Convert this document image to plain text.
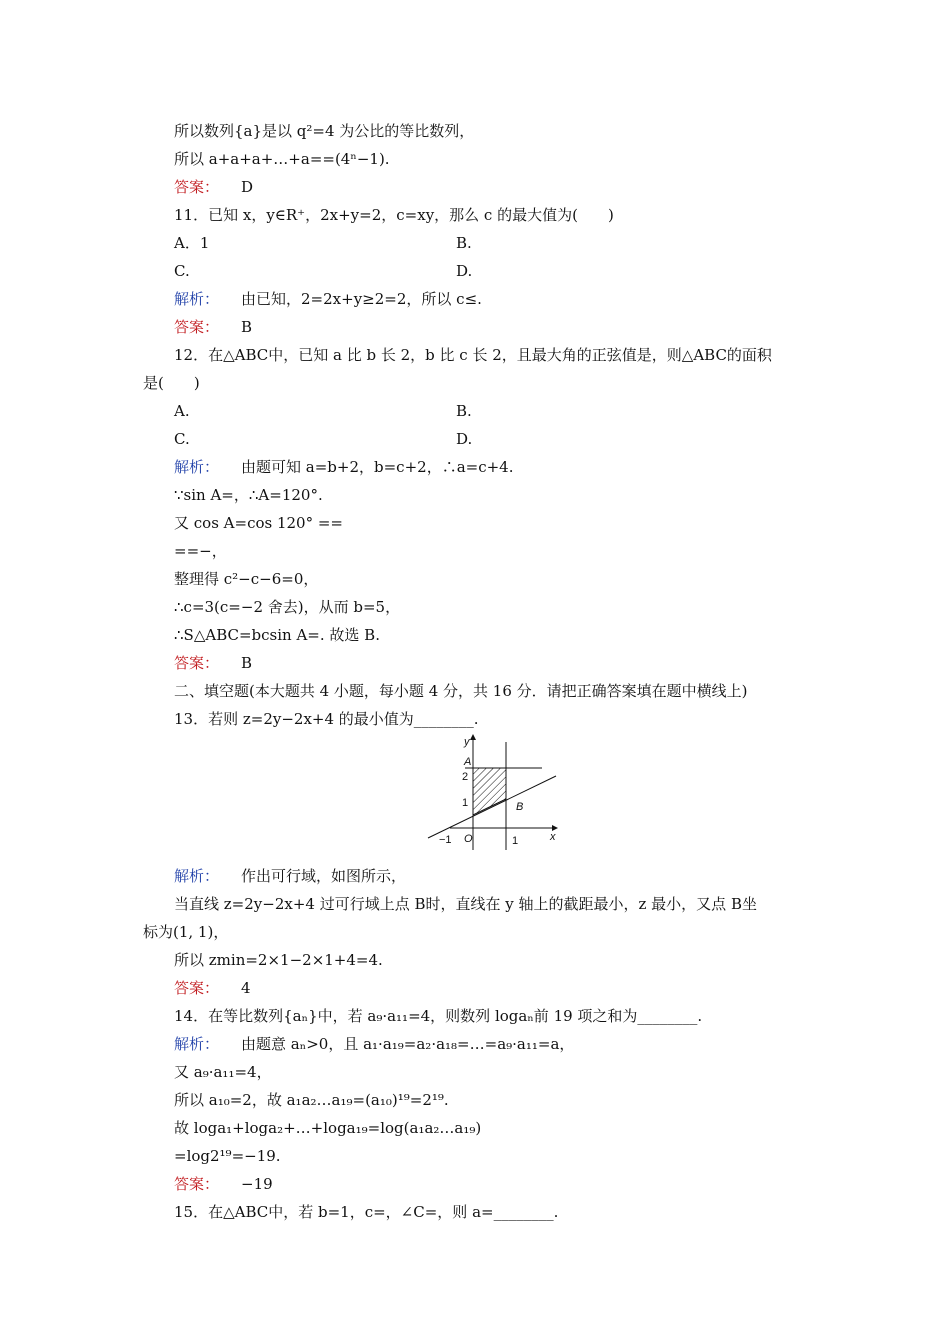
所以数列{a}是以 q²=4 为公比的等比数列，
所以 a+a+a+…+a==(4ⁿ−1).
答案： D
11．已知 x，y∈R⁺，2x+y=2，c=xy，那么 c 的最大值为(　　)
A．1	B.
C.	D.
解析： 由已知，2=2x+y≥2=2，所以 c≤.
答案： B
12．在△ABC中，已知 a 比 b 长 2，b 比 c 长 2，且最大角的正弦值是，则△ABC的面积
是(　　)
A.	B.
C.	D.
解析： 由题可知 a=b+2，b=c+2，∴a=c+4.
∵sin A=，∴A=120°.
又 cos A=cos 120° ==
==−，
整理得 c²−c−6=0，
∴c=3(c=−2 舍去)，从而 b=5，
∴S△ABC=bcsin A=. 故选 B.
答案： B
二、填空题(本大题共 4 小题，每小题 4 分，共 16 分．请把正确答案填在题中横线上)
13．若则 z=2y−2x+4 的最小值为________.
y
x
A
2
1	B
−1 O	1
解析： 作出可行域，如图所示，
当直线 z=2y−2x+4 过可行域上点 B时，直线在 y 轴上的截距最小，z 最小，又点 B坐
标为(1, 1)，
所以 zmin=2×1−2×1+4=4.
答案： 4
14．在等比数列{aₙ}中，若 a₉·a₁₁=4，则数列 logaₙ前 19 项之和为________.
解析： 由题意 aₙ>0，且 a₁·a₁₉=a₂·a₁₈=…=a₉·a₁₁=a，
又 a₉·a₁₁=4，
所以 a₁₀=2，故 a₁a₂…a₁₉=(a₁₀)¹⁹=2¹⁹.
故 loga₁+loga₂+…+loga₁₉=log(a₁a₂…a₁₉)
=log2¹⁹=−19.
答案： −19
15．在△ABC中，若 b=1，c=，∠C=，则 a=________.
